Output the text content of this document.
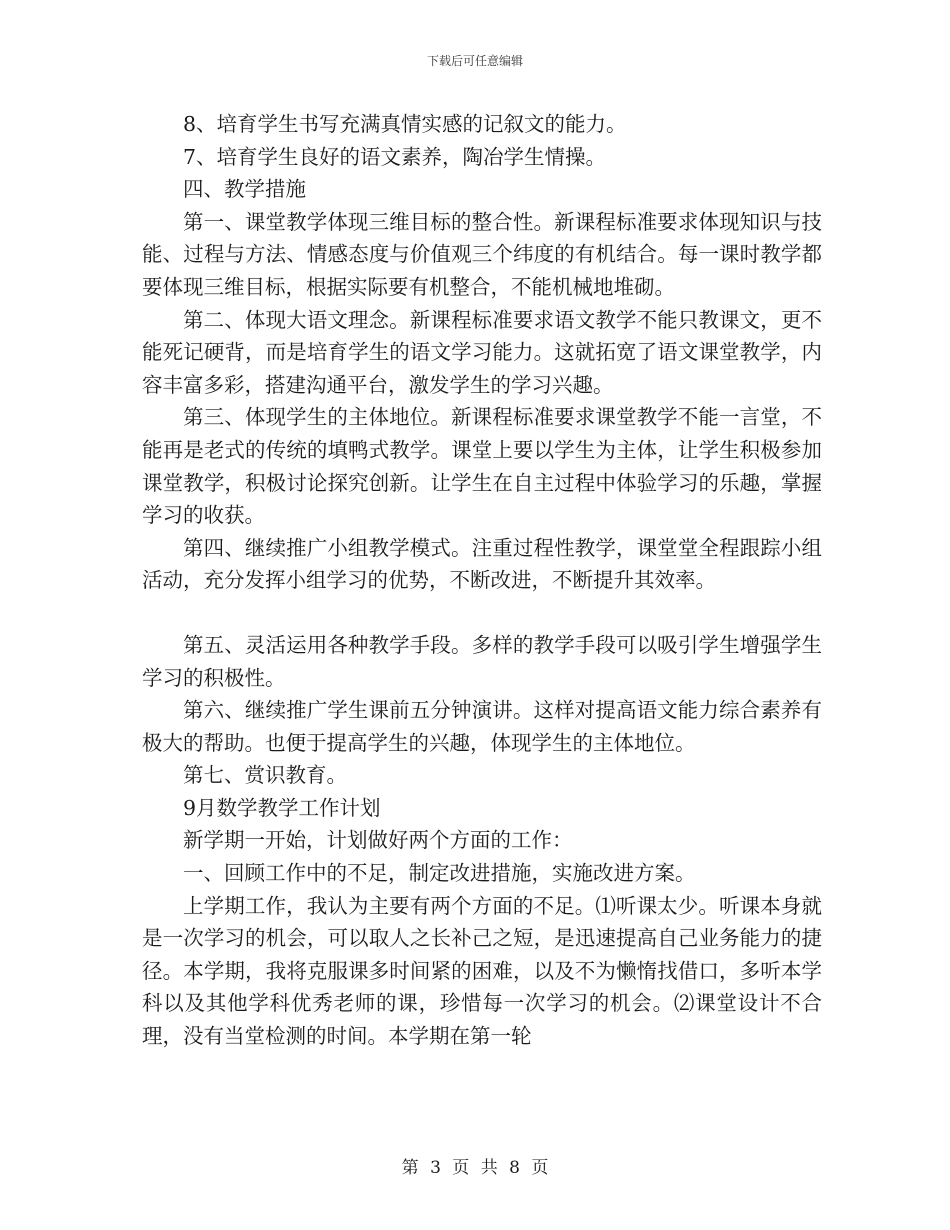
下载后可任意编辑

8、培育学生书写充满真情实感的记叙文的能力。

7、培育学生良好的语文素养，陶冶学生情操。

四、教学措施

第一、课堂教学体现三维目标的整合性。新课程标准要求体现知识与技能、过程与方法、情感态度与价值观三个纬度的有机结合。每一课时教学都要体现三维目标，根据实际要有机整合，不能机械地堆砌。

第二、体现大语文理念。新课程标准要求语文教学不能只教课文，更不能死记硬背，而是培育学生的语文学习能力。这就拓宽了语文课堂教学，内容丰富多彩，搭建沟通平台，激发学生的学习兴趣。

第三、体现学生的主体地位。新课程标准要求课堂教学不能一言堂，不能再是老式的传统的填鸭式教学。课堂上要以学生为主体，让学生积极参加课堂教学，积极讨论探究创新。让学生在自主过程中体验学习的乐趣，掌握学习的收获。

第四、继续推广小组教学模式。注重过程性教学，课堂堂全程跟踪小组活动，充分发挥小组学习的优势，不断改进，不断提升其效率。

第五、灵活运用各种教学手段。多样的教学手段可以吸引学生增强学生学习的积极性。

第六、继续推广学生课前五分钟演讲。这样对提高语文能力综合素养有极大的帮助。也便于提高学生的兴趣，体现学生的主体地位。

第七、赏识教育。

9月数学教学工作计划

新学期一开始，计划做好两个方面的工作：

一、回顾工作中的不足，制定改进措施，实施改进方案。

上学期工作，我认为主要有两个方面的不足。⑴听课太少。听课本身就是一次学习的机会，可以取人之长补己之短，是迅速提高自己业务能力的捷径。本学期，我将克服课多时间紧的困难，以及不为懒惰找借口，多听本学科以及其他学科优秀老师的课，珍惜每一次学习的机会。⑵课堂设计不合理，没有当堂检测的时间。本学期在第一轮

第 3 页 共 8 页
